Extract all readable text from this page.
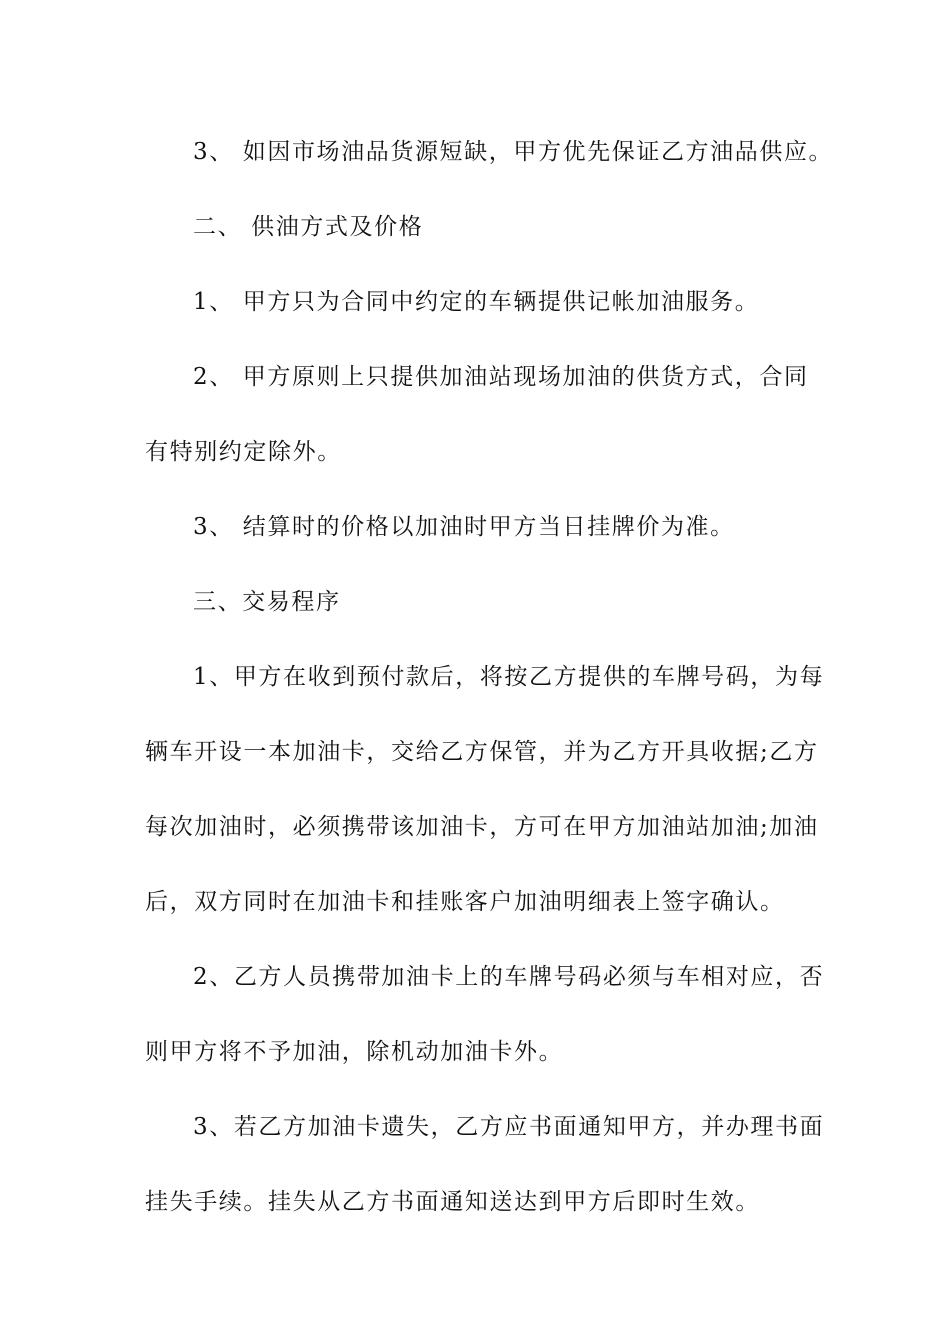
3、 如因市场油品货源短缺，甲方优先保证乙方油品供应。
二、 供油方式及价格
1、 甲方只为合同中约定的车辆提供记帐加油服务。
2、 甲方原则上只提供加油站现场加油的供货方式，合同
有特别约定除外。
3、 结算时的价格以加油时甲方当日挂牌价为准。
三、交易程序
1、甲方在收到预付款后，将按乙方提供的车牌号码，为每
辆车开设一本加油卡，交给乙方保管，并为乙方开具收据;乙方
每次加油时，必须携带该加油卡，方可在甲方加油站加油;加油
后，双方同时在加油卡和挂账客户加油明细表上签字确认。
2、乙方人员携带加油卡上的车牌号码必须与车相对应，否
则甲方将不予加油，除机动加油卡外。
3、若乙方加油卡遗失，乙方应书面通知甲方，并办理书面
挂失手续。挂失从乙方书面通知送达到甲方后即时生效。
